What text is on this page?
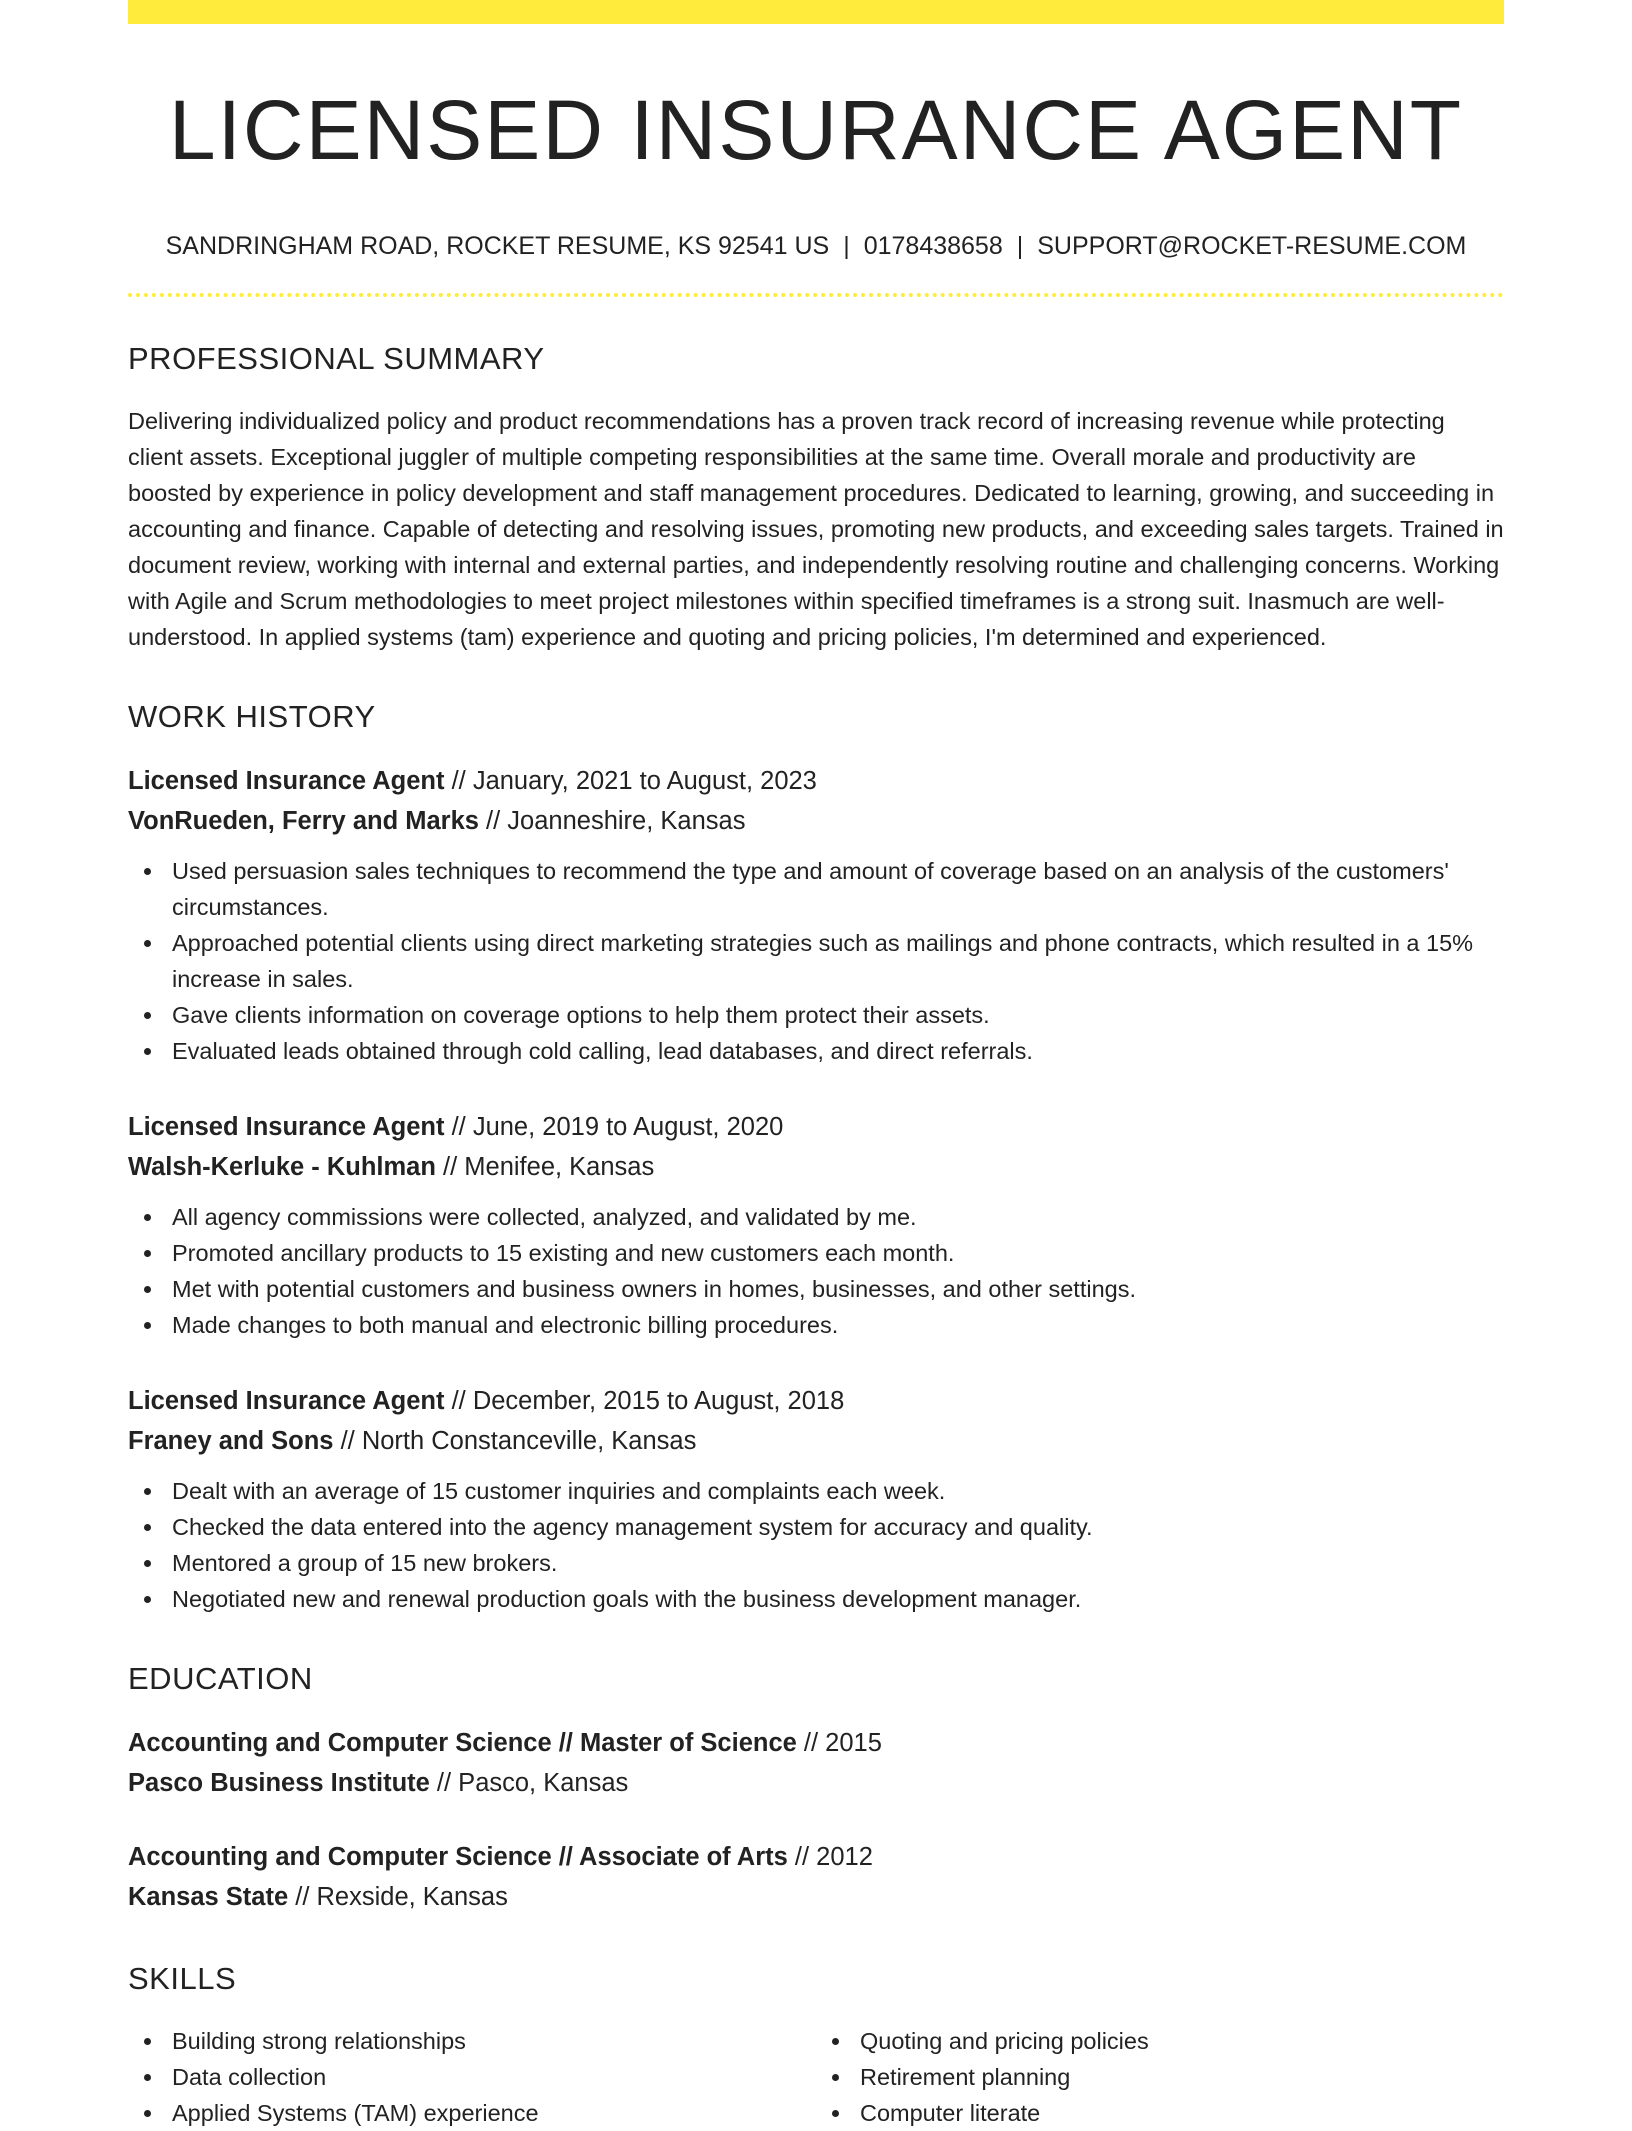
LICENSED INSURANCE AGENT
SANDRINGHAM ROAD, ROCKET RESUME, KS 92541 US | 0178438658 | SUPPORT@ROCKET-RESUME.COM
PROFESSIONAL SUMMARY

Delivering individualized policy and product recommendations has a proven track record of increasing revenue while protecting client assets. Exceptional juggler of multiple competing responsibilities at the same time. Overall morale and productivity are boosted by experience in policy development and staff management procedures. Dedicated to learning, growing, and succeeding in accounting and finance. Capable of detecting and resolving issues, promoting new products, and exceeding sales targets. Trained in document review, working with internal and external parties, and independently resolving routine and challenging concerns. Working with Agile and Scrum methodologies to meet project milestones within specified timeframes is a strong suit. Inasmuch are well-understood. In applied systems (tam) experience and quoting and pricing policies, I'm determined and experienced.

WORK HISTORY
Licensed Insurance Agent // January, 2021 to August, 2023
VonRueden, Ferry and Marks // Joanneshire, Kansas
Used persuasion sales techniques to recommend the type and amount of coverage based on an analysis of the customers' circumstances.
Approached potential clients using direct marketing strategies such as mailings and phone contracts, which resulted in a 15% increase in sales.
Gave clients information on coverage options to help them protect their assets.
Evaluated leads obtained through cold calling, lead databases, and direct referrals.
Licensed Insurance Agent // June, 2019 to August, 2020
Walsh-Kerluke - Kuhlman // Menifee, Kansas
All agency commissions were collected, analyzed, and validated by me.
Promoted ancillary products to 15 existing and new customers each month.
Met with potential customers and business owners in homes, businesses, and other settings.
Made changes to both manual and electronic billing procedures.
Licensed Insurance Agent // December, 2015 to August, 2018
Franey and Sons // North Constanceville, Kansas
Dealt with an average of 15 customer inquiries and complaints each week.
Checked the data entered into the agency management system for accuracy and quality.
Mentored a group of 15 new brokers.
Negotiated new and renewal production goals with the business development manager.
EDUCATION
Accounting and Computer Science // Master of Science // 2015
Pasco Business Institute // Pasco, Kansas
Accounting and Computer Science // Associate of Arts // 2012
Kansas State // Rexside, Kansas
SKILLS
Building strong relationships
Data collection
Applied Systems (TAM) experience
Quoting and pricing policies
Retirement planning
Computer literate
